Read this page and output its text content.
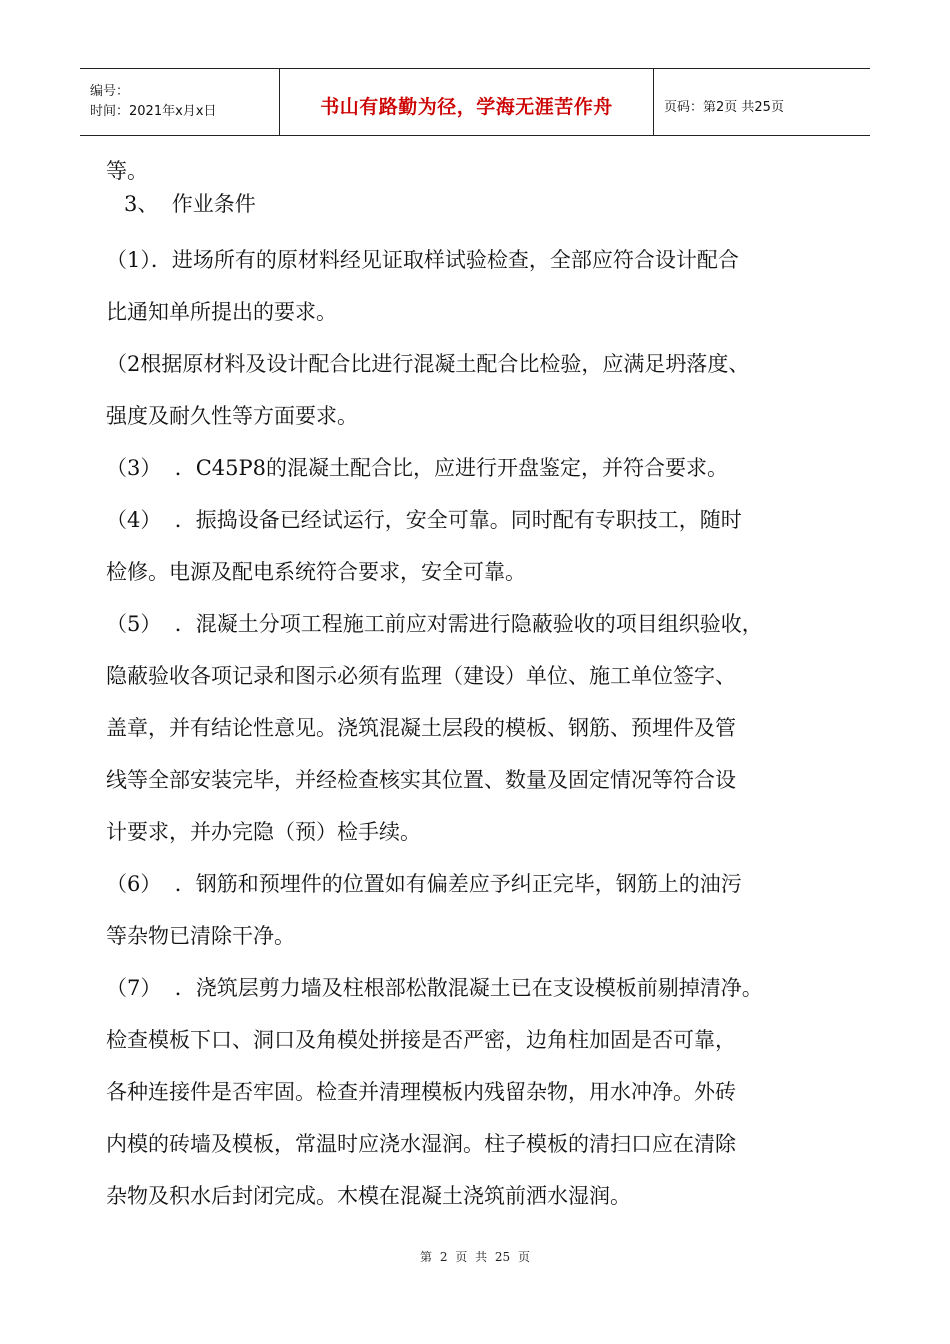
编号：
时间：2021年x月x日	书山有路勤为径，学海无涯苦作舟	页码：第2页 共25页

等。

3、  作业条件

（1）．进场所有的原材料经见证取样试验检查，全部应符合设计配合

比通知单所提出的要求。

（2根据原材料及设计配合比进行混凝土配合比检验，应满足坍落度、

强度及耐久性等方面要求。

（3）  ．C45P8的混凝土配合比，应进行开盘鉴定，并符合要求。

（4）  ．振捣设备已经试运行，安全可靠。同时配有专职技工，随时

检修。电源及配电系统符合要求，安全可靠。

（5）  ．混凝土分项工程施工前应对需进行隐蔽验收的项目组织验收，

隐蔽验收各项记录和图示必须有监理（建设）单位、施工单位签字、

盖章，并有结论性意见。浇筑混凝土层段的模板、钢筋、预埋件及管

线等全部安装完毕，并经检查核实其位置、数量及固定情况等符合设

计要求，并办完隐（预）检手续。

（6）  ．钢筋和预埋件的位置如有偏差应予纠正完毕，钢筋上的油污

等杂物已清除干净。

（7）  ．浇筑层剪力墙及柱根部松散混凝土已在支设模板前剔掉清净。

检查模板下口、洞口及角模处拼接是否严密，边角柱加固是否可靠，

各种连接件是否牢固。检查并清理模板内残留杂物，用水冲净。外砖

内模的砖墙及模板，常温时应浇水湿润。柱子模板的清扫口应在清除

杂物及积水后封闭完成。木模在混凝土浇筑前洒水湿润。

第 2 页 共 25 页
